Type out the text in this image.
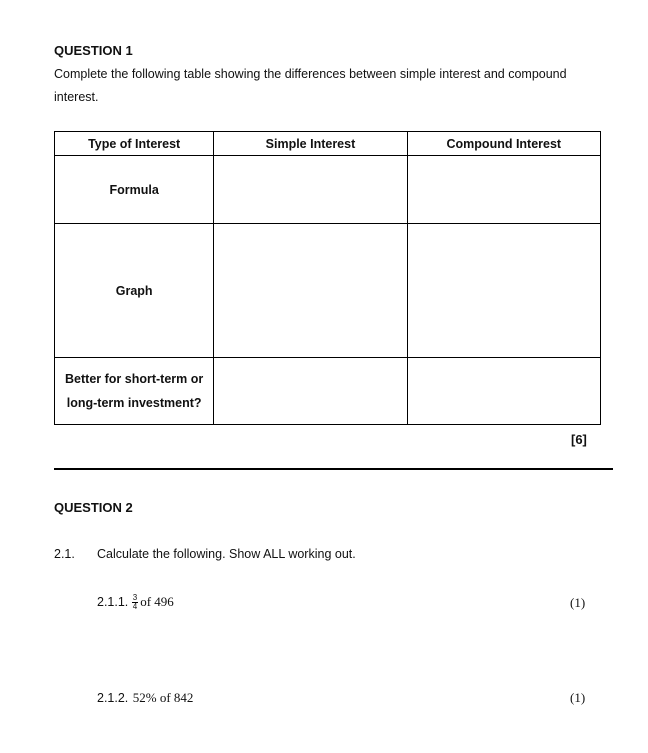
QUESTION 1
Complete the following table showing the differences between simple interest and compound
interest.
Type of Interest	Simple Interest	Compound Interest
Formula		
Graph		

Better for short-term or
long-term investment?		

[6]
QUESTION 2
2.1. Calculate the following. Show ALL working out.
2.1.1. $\frac{3}{4}$ of 496	(1)
2.1.2. 52% of 842	(1)
